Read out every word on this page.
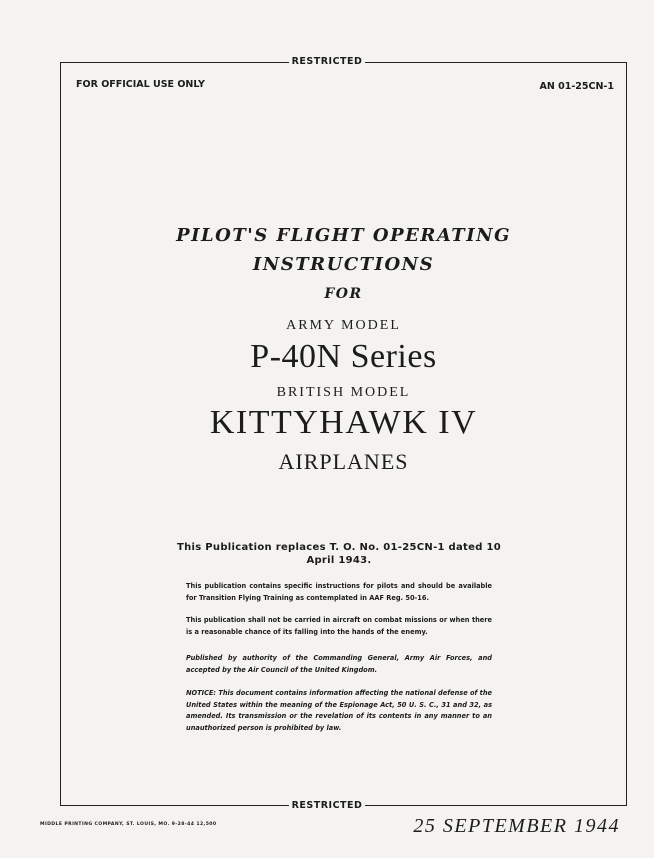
RESTRICTED
FOR OFFICIAL USE ONLY	AN 01-25CN-1
PILOT'S FLIGHT OPERATING
INSTRUCTIONS
FOR
ARMY MODEL
P-40N Series
BRITISH MODEL
KITTYHAWK IV
AIRPLANES
This Publication replaces T. O. No. 01-25CN-1 dated 10 April 1943.
This publication contains specific instructions for pilots and should be available for Transition Flying Training as contemplated in AAF Reg. 50-16.
This publication shall not be carried in aircraft on combat missions or when there is a reasonable chance of its falling into the hands of the enemy.
Published by authority of the Commanding General, Army Air Forces, and accepted by the Air Council of the United Kingdom.
NOTICE: This document contains information affecting the national defense of the United States within the meaning of the Espionage Act, 50 U. S. C., 31 and 32, as amended. Its transmission or the revelation of its contents in any manner to an unauthorized person is prohibited by law.
RESTRICTED
MIDDLE PRINTING COMPANY, ST. LOUIS, MO. 9-28-44 12,500	25 SEPTEMBER 1944
